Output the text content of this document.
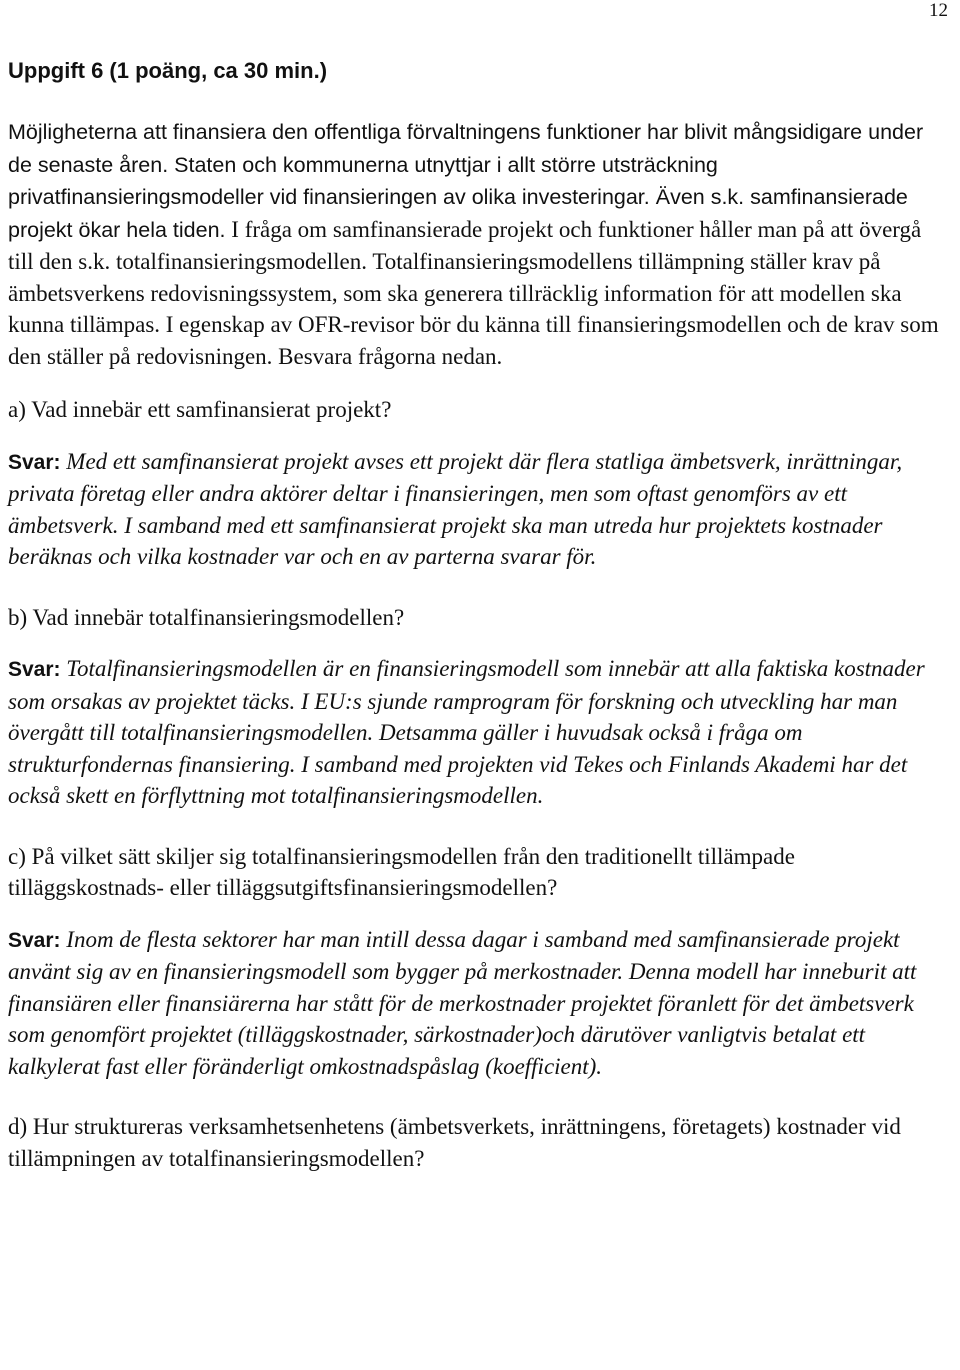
12
Uppgift 6 (1 poäng, ca 30 min.)
Möjligheterna att finansiera den offentliga förvaltningens funktioner har blivit mångsidigare under de senaste åren. Staten och kommunerna utnyttjar i allt större utsträckning privatfinansieringsmodeller vid finansieringen av olika investeringar. Även s.k. samfinansierade projekt ökar hela tiden. I fråga om samfinansierade projekt och funktioner håller man på att övergå till den s.k. totalfinansieringsmodellen. Totalfinansieringsmodellens tillämpning ställer krav på ämbetsverkens redovisningssystem, som ska generera tillräcklig information för att modellen ska kunna tillämpas. I egenskap av OFR-revisor bör du känna till finansieringsmodellen och de krav som den ställer på redovisningen. Besvara frågorna nedan.
a) Vad innebär ett samfinansierat projekt?
Svar: Med ett samfinansierat projekt avses ett projekt där flera statliga ämbetsverk, inrättningar, privata företag eller andra aktörer deltar i finansieringen, men som oftast genomförs av ett ämbetsverk. I samband med ett samfinansierat projekt ska man utreda hur projektets kostnader beräknas och vilka kostnader var och en av parterna svarar för.
b) Vad innebär totalfinansieringsmodellen?
Svar: Totalfinansieringsmodellen är en finansieringsmodell som innebär att alla faktiska kostnader som orsakas av projektet täcks. I EU:s sjunde ramprogram för forskning och utveckling har man övergått till totalfinansieringsmodellen. Detsamma gäller i huvudsak också i fråga om strukturfondernas finansiering. I samband med projekten vid Tekes och Finlands Akademi har det också skett en förflyttning mot totalfinansieringsmodellen.
c) På vilket sätt skiljer sig totalfinansieringsmodellen från den traditionellt tillämpade tilläggskostnads- eller tilläggsutgiftsfinansieringsmodellen?
Svar: Inom de flesta sektorer har man intill dessa dagar i samband med samfinansierade projekt använt sig av en finansieringsmodell som bygger på merkostnader. Denna modell har inneburit att finansiären eller finansiärerna har stått för de merkostnader projektet föranlett för det ämbetsverk som genomfört projektet (tilläggskostnader, särkostnader)och därutöver vanligtvis betalat ett kalkylerat fast eller föränderligt omkostnadspåslag (koefficient).
d) Hur struktureras verksamhetsenhetens (ämbetsverkets, inrättningens, företagets) kostnader vid tillämpningen av totalfinansieringsmodellen?
